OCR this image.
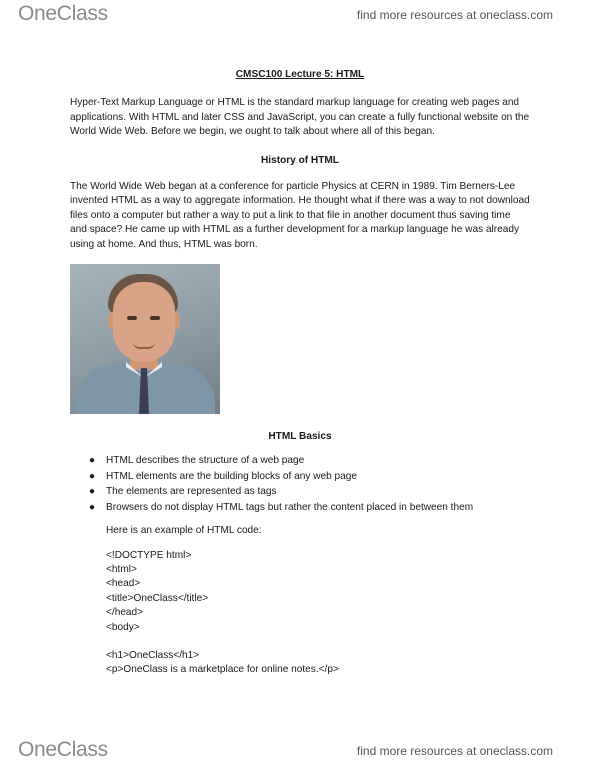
OneClass	find more resources at oneclass.com

CMSC100 Lecture 5: HTML

Hyper-Text Markup Language or HTML is the standard markup language for creating web pages and applications. With HTML and later CSS and JavaScript, you can create a fully functional website on the World Wide Web. Before we begin, we ought to talk about where all of this began.

History of HTML

The World Wide Web began at a conference for particle Physics at CERN in 1989. Tim Berners-Lee invented HTML as a way to aggregate information. He thought what if there was a way to not download files onto a computer but rather a way to put a link to that file in another document thus saving time and space? He came up with HTML as a further development for a markup language he was already using at home. And thus, HTML was born.

HTML Basics

● HTML describes the structure of a web page
● HTML elements are the building blocks of any web page
● The elements are represented as tags
● Browsers do not display HTML tags but rather the content placed in between them

Here is an example of HTML code:

<!DOCTYPE html>
<html>
<head>
<title>OneClass</title>
</head>
<body>
<h1>OneClass</h1>
<p>OneClass is a marketplace for online notes.</p>
OneClass	find more resources at oneclass.com
